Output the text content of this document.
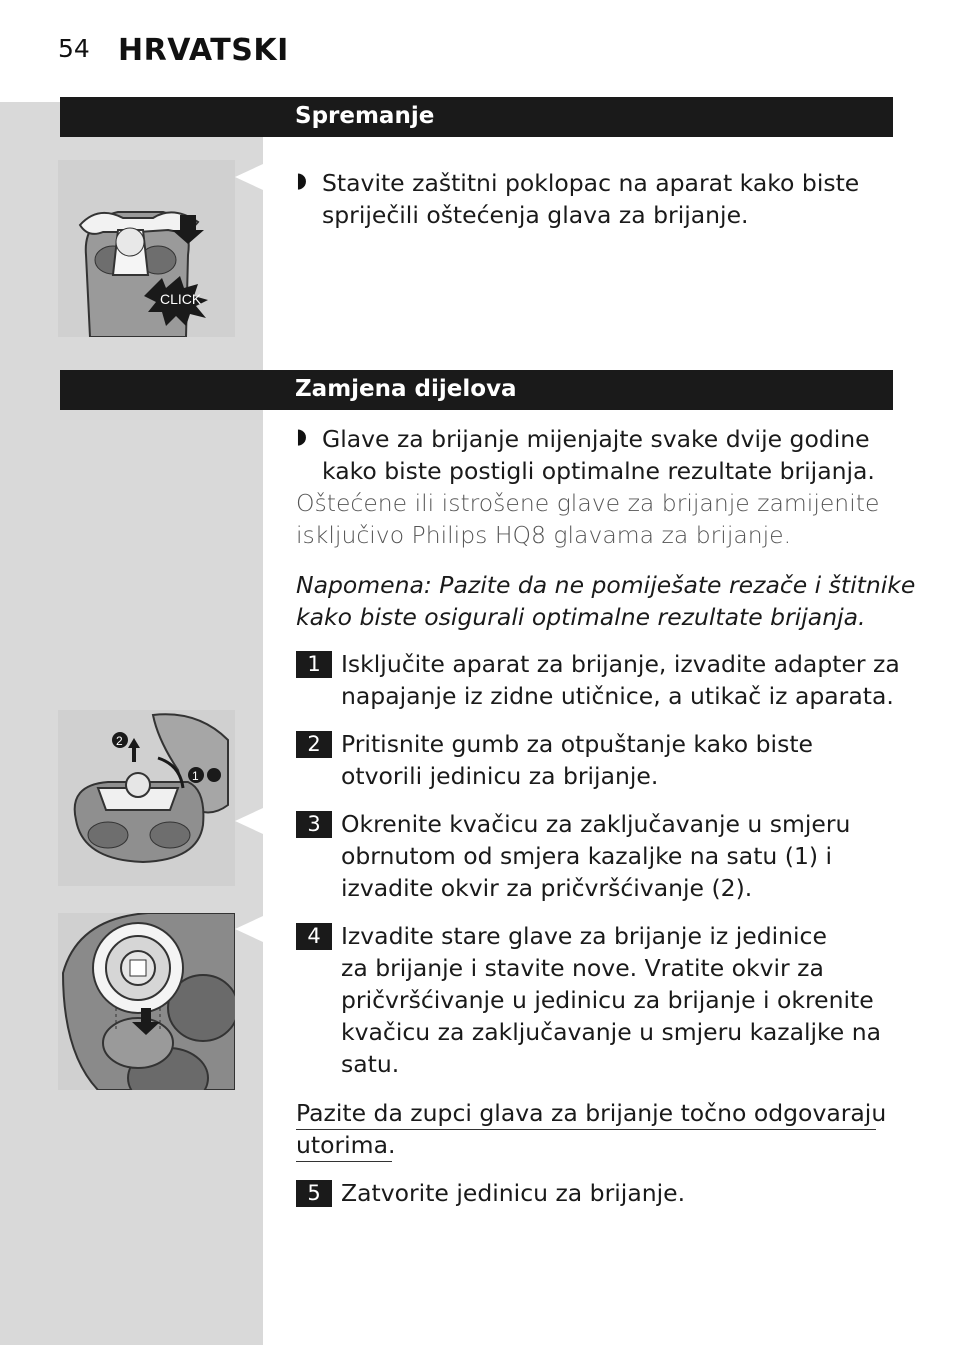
54 HRVATSKI
Spremanje
CLICK
◗ Stavite zaštitni poklopac na aparat kako biste
spriječili oštećenja glava za brijanje.
Zamjena dijelova
◗ Glave za brijanje mijenjajte svake dvije godine
kako biste postigli optimalne rezultate brijanja.
Oštećene ili istrošene glave za brijanje zamijenite
isključivo Philips HQ8 glavama za brijanje.
Napomena: Pazite da ne pomiješate rezače i štitnike
kako biste osigurali optimalne rezultate brijanja.
1 Isključite aparat za brijanje, izvadite adapter za
napajanje iz zidne utičnice, a utikač iz aparata.
2
1
2 Pritisnite gumb za otpuštanje kako biste
otvorili jedinicu za brijanje.
3 Okrenite kvačicu za zaključavanje u smjeru
obrnutom od smjera kazaljke na satu (1) i
izvadite okvir za pričvršćivanje (2).
4 Izvadite stare glave za brijanje iz jedinice
za brijanje i stavite nove. Vratite okvir za
pričvršćivanje u jedinicu za brijanje i okrenite
kvačicu za zaključavanje u smjeru kazaljke na
satu.
Pazite da zupci glava za brijanje točno odgovaraju
utorima.
5 Zatvorite jedinicu za brijanje.
